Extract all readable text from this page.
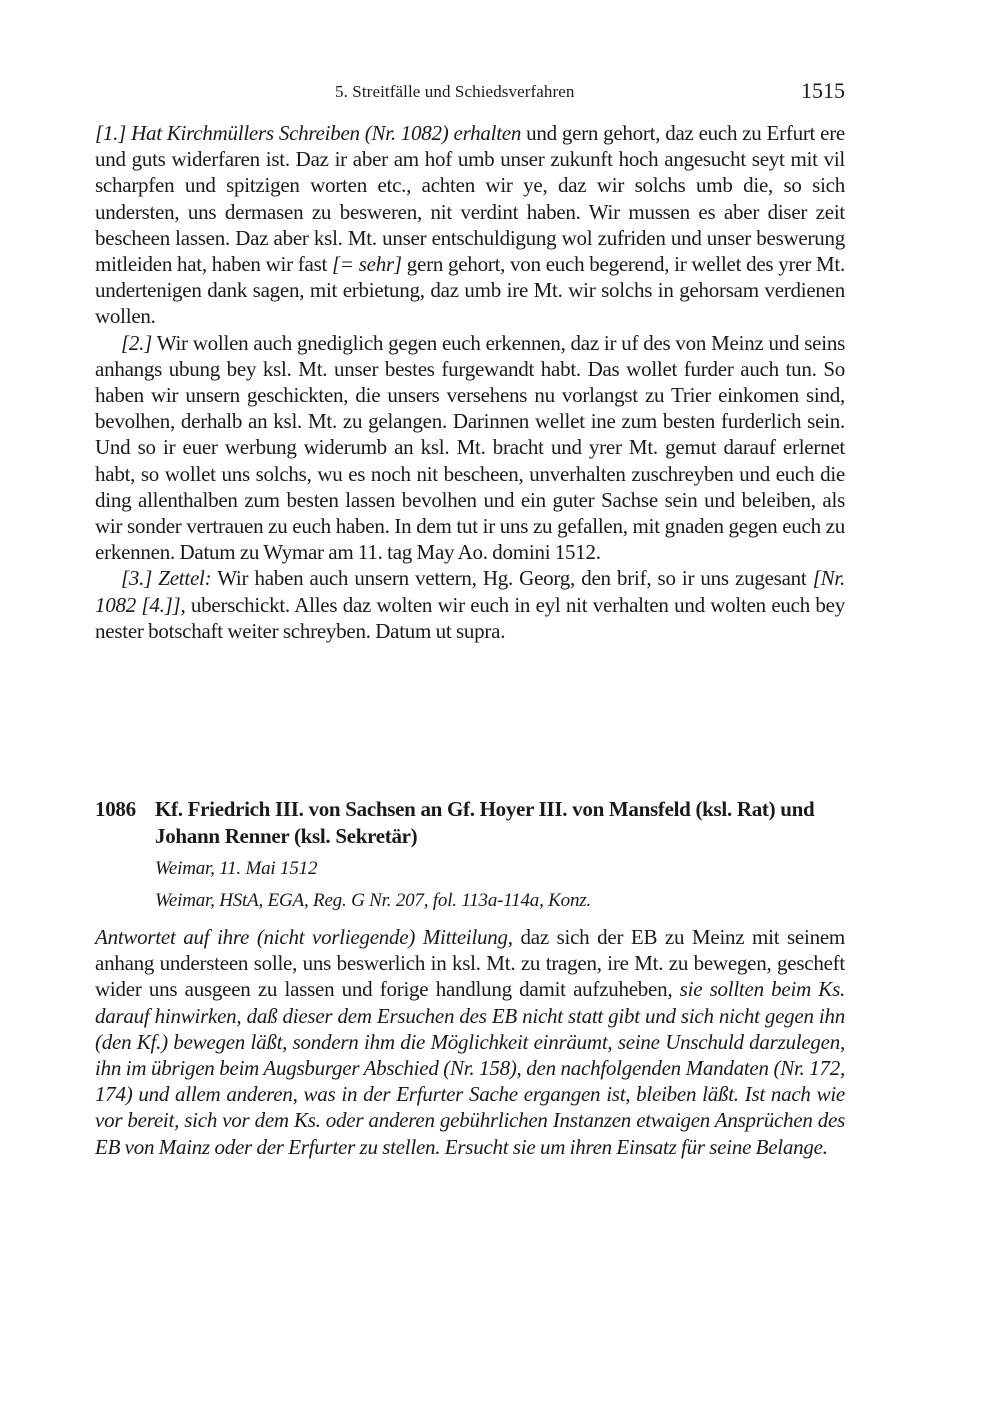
5. Streitfälle und Schiedsverfahren	1515

[1.] Hat Kirchmüllers Schreiben (Nr. 1082) erhalten und gern gehort, daz euch zu Erfurt ere und guts widerfaren ist. Daz ir aber am hof umb unser zukunft hoch angesucht seyt mit vil scharpfen und spitzigen worten etc., achten wir ye, daz wir solchs umb die, so sich understen, uns dermasen zu besweren, nit verdint haben. Wir mussen es aber diser zeit bescheen lassen. Daz aber ksl. Mt. unser entschuldigung wol zufriden und unser beswerung mitleiden hat, haben wir fast [= sehr] gern gehort, von euch begerend, ir wellet des yrer Mt. undertenigen dank sagen, mit erbietung, daz umb ire Mt. wir solchs in gehorsam verdienen wollen.

[2.] Wir wollen auch gnediglich gegen euch erkennen, daz ir uf des von Meinz und seins anhangs ubung bey ksl. Mt. unser bestes furgewandt habt. Das wollet furder auch tun. So haben wir unsern geschickten, die unsers versehens nu vorlangst zu Trier einkomen sind, bevolhen, derhalb an ksl. Mt. zu gelangen. Darinnen wellet ine zum besten furderlich sein. Und so ir euer werbung widerumb an ksl. Mt. bracht und yrer Mt. gemut darauf erlernet habt, so wollet uns solchs, wu es noch nit bescheen, unverhalten zuschreyben und euch die ding allenthalben zum besten lassen bevolhen und ein guter Sachse sein und beleiben, als wir sonder vertrauen zu euch haben. In dem tut ir uns zu gefallen, mit gnaden gegen euch zu erkennen. Datum zu Wymar am 11. tag May Ao. domini 1512.

[3.] Zettel: Wir haben auch unsern vettern, Hg. Georg, den brif, so ir uns zugesant [Nr. 1082 [4.]], uberschickt. Alles daz wolten wir euch in eyl nit verhalten und wolten euch bey nester botschaft weiter schreyben. Datum ut supra.

1086 Kf. Friedrich III. von Sachsen an Gf. Hoyer III. von Mansfeld (ksl. Rat) und Johann Renner (ksl. Sekretär)
Weimar, 11. Mai 1512
Weimar, HStA, EGA, Reg. G Nr. 207, fol. 113a-114a, Konz.

Antwortet auf ihre (nicht vorliegende) Mitteilung, daz sich der EB zu Meinz mit seinem anhang understeen solle, uns beswerlich in ksl. Mt. zu tragen, ire Mt. zu bewegen, gescheft wider uns ausgeen zu lassen und forige handlung damit aufzuheben, sie sollten beim Ks. darauf hinwirken, daß dieser dem Ersuchen des EB nicht statt gibt und sich nicht gegen ihn (den Kf.) bewegen läßt, sondern ihm die Möglichkeit einräumt, seine Unschuld darzulegen, ihn im übrigen beim Augsburger Abschied (Nr. 158), den nachfolgenden Mandaten (Nr. 172, 174) und allem anderen, was in der Erfurter Sache ergangen ist, bleiben läßt. Ist nach wie vor bereit, sich vor dem Ks. oder anderen gebührlichen Instanzen etwaigen Ansprüchen des EB von Mainz oder der Erfurter zu stellen. Ersucht sie um ihren Einsatz für seine Belange.
